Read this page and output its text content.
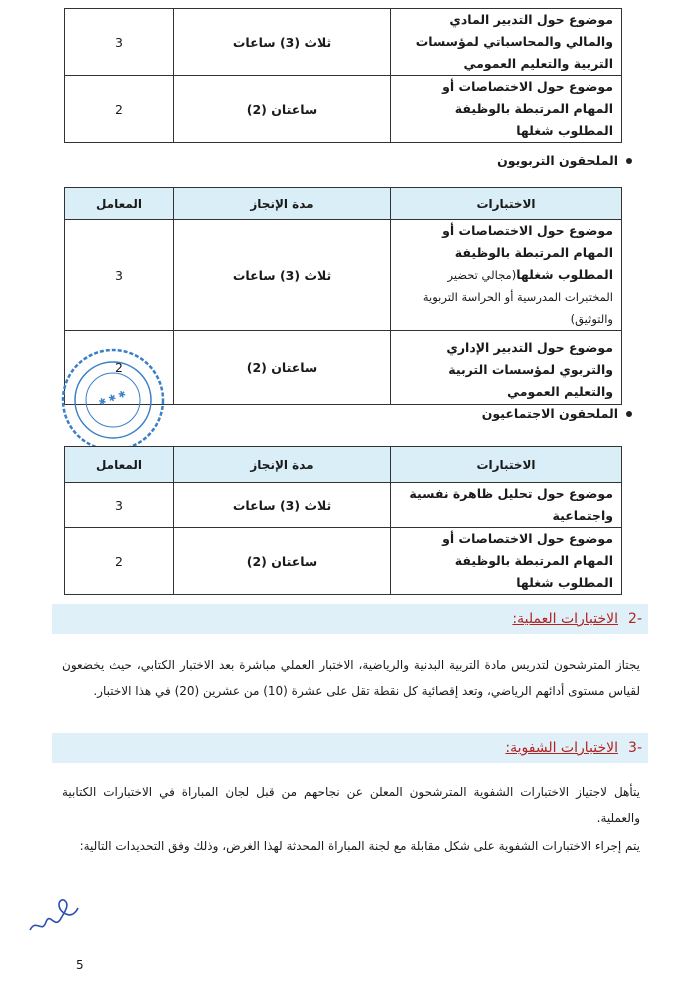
موضوع حول التدبير المادي والمالي والمحاسباتي لمؤسسات التربية والتعليم العمومي	ثلاث (3) ساعات	3
موضوع حول الاختصاصات أو المهام المرتبطة بالوظيفة المطلوب شغلها	ساعتان (2)	2
الملحقون التربويون
الاختبارات	مدة الإنجاز	المعامل
موضوع حول الاختصاصات أو المهام المرتبطة بالوظيفة المطلوب شغلها(مجالي تحضير المختبرات المدرسية أو الحراسة التربوية والتوثيق)	ثلاث (3) ساعات	3
موضوع حول التدبير الإداري والتربوي لمؤسسات التربية والتعليم العمومي	ساعتان (2)	2
✱ ✱ ✱
الملحقون الاجتماعيون
الاختبارات	مدة الإنجاز	المعامل
موضوع حول تحليل ظاهرة نفسية واجتماعية	ثلاث (3) ساعات	3
موضوع حول الاختصاصات أو المهام المرتبطة بالوظيفة المطلوب شغلها	ساعتان (2)	2
-2
الاختبارات العملية:
يجتاز المترشحون لتدريس مادة التربية البدنية والرياضية، الاختبار العملي مباشرة بعد الاختبار الكتابي، حيث يخضعون لقياس مستوى أدائهم الرياضي، وتعد إقصائية كل نقطة تقل على عشرة (10) من عشرين (20) في هذا الاختبار.
-3
الاختبارات الشفوية:
يتأهل لاجتياز الاختبارات الشفوية المترشحون المعلن عن نجاحهم من قبل لجان المباراة في الاختبارات الكتابية والعملية.
يتم إجراء الاختبارات الشفوية على شكل مقابلة مع لجنة المباراة المحدثة لهذا الغرض، وذلك وفق التحديدات التالية:
5
